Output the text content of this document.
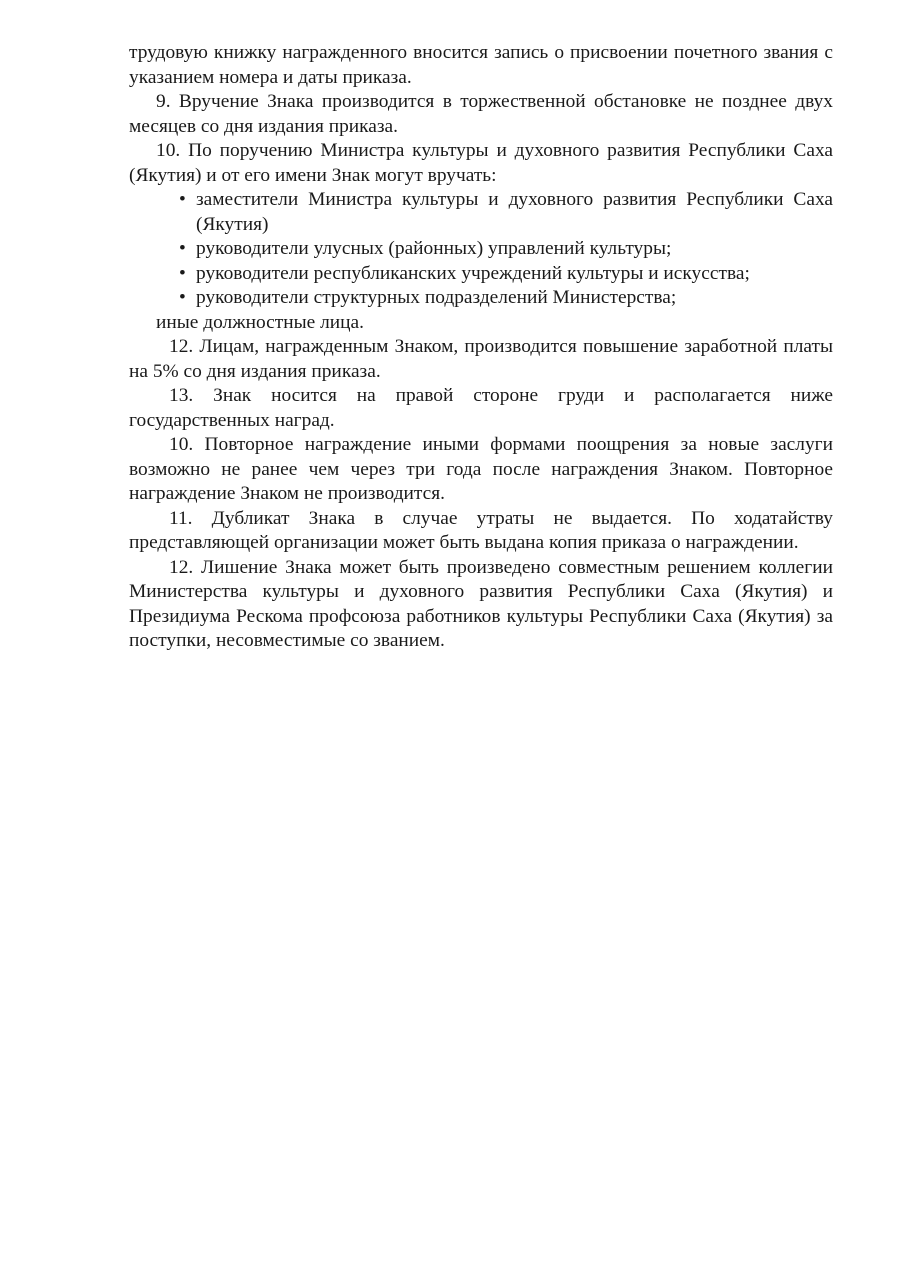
трудовую книжку награжденного вносится запись о присвоении почетного звания с указанием номера и даты приказа.

9. Вручение Знака производится в торжественной обстановке не позднее двух месяцев со дня издания приказа.

10. По поручению Министра культуры и духовного развития Республики Саха (Якутия) и от его имени Знак могут вручать:

• заместители Министра культуры и духовного развития Республики Саха (Якутия)
• руководители улусных (районных) управлений культуры;
• руководители республиканских учреждений культуры и искусства;
• руководители структурных подразделений Министерства;

иные должностные лица.

12. Лицам, награжденным Знаком, производится повышение заработной платы на 5% со дня издания приказа.

13. Знак носится на правой стороне груди и располагается ниже государственных наград.

10. Повторное награждение иными формами поощрения за новые заслуги возможно не ранее чем через три года после награждения Знаком. Повторное награждение Знаком не производится.

11. Дубликат Знака в случае утраты не выдается. По ходатайству представляющей организации может быть выдана копия приказа о награждении.

12. Лишение Знака может быть произведено совместным решением коллегии Министерства культуры и духовного развития Республики Саха (Якутия) и Президиума Рескома профсоюза работников культуры Республики Саха (Якутия) за поступки, несовместимые со званием.
